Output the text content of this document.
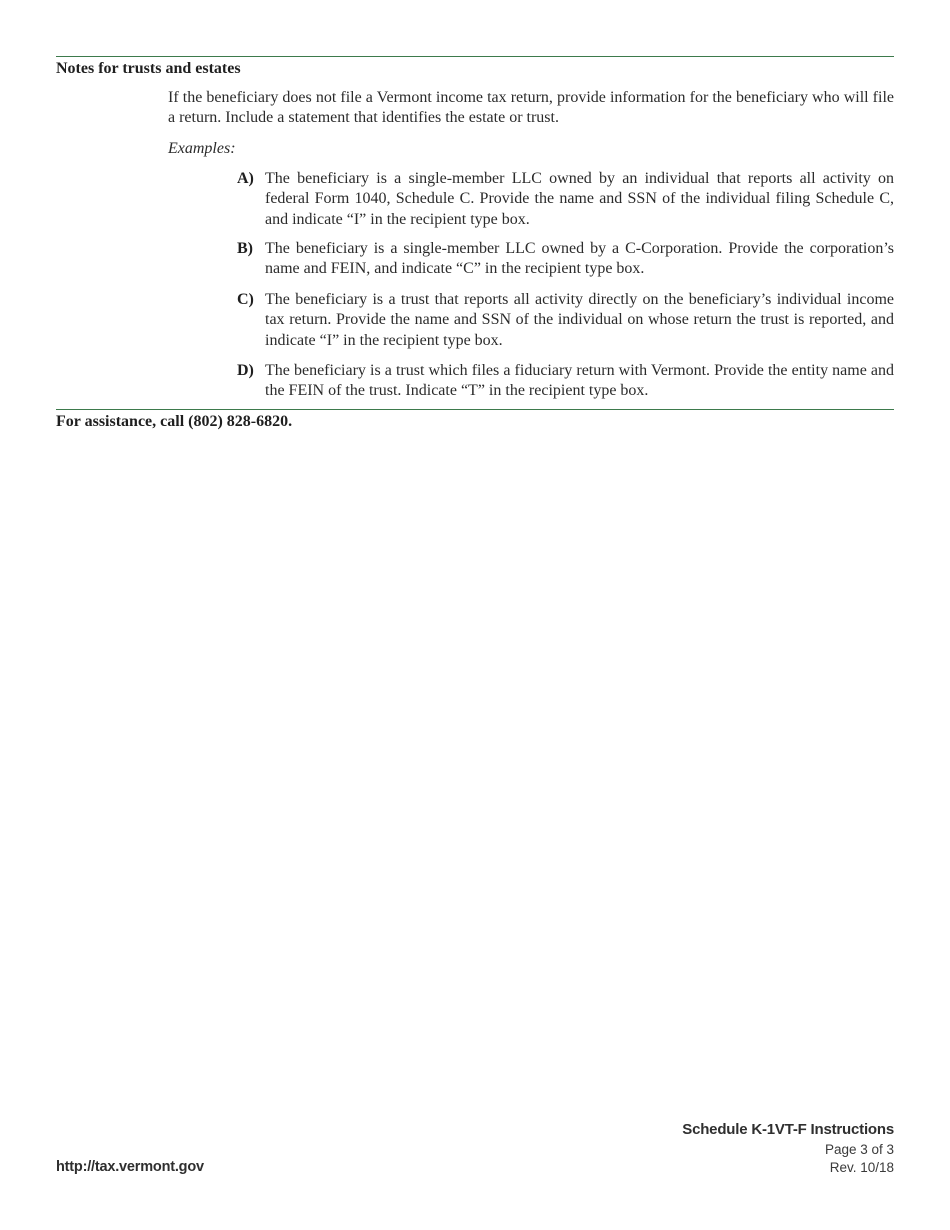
Notes for trusts and estates
If the beneficiary does not file a Vermont income tax return, provide information for the beneficiary who will file a return. Include a statement that identifies the estate or trust.
Examples:
A) The beneficiary is a single-member LLC owned by an individual that reports all activity on federal Form 1040, Schedule C. Provide the name and SSN of the individual filing Schedule C, and indicate “I” in the recipient type box.
B) The beneficiary is a single-member LLC owned by a C-Corporation. Provide the corporation’s name and FEIN, and indicate “C” in the recipient type box.
C) The beneficiary is a trust that reports all activity directly on the beneficiary’s individual income tax return. Provide the name and SSN of the individual on whose return the trust is reported, and indicate “I” in the recipient type box.
D) The beneficiary is a trust which files a fiduciary return with Vermont. Provide the entity name and the FEIN of the trust. Indicate “T” in the recipient type box.
For assistance, call (802) 828-6820.
Schedule K-1VT-F Instructions
Page 3 of 3
Rev. 10/18
http://tax.vermont.gov
